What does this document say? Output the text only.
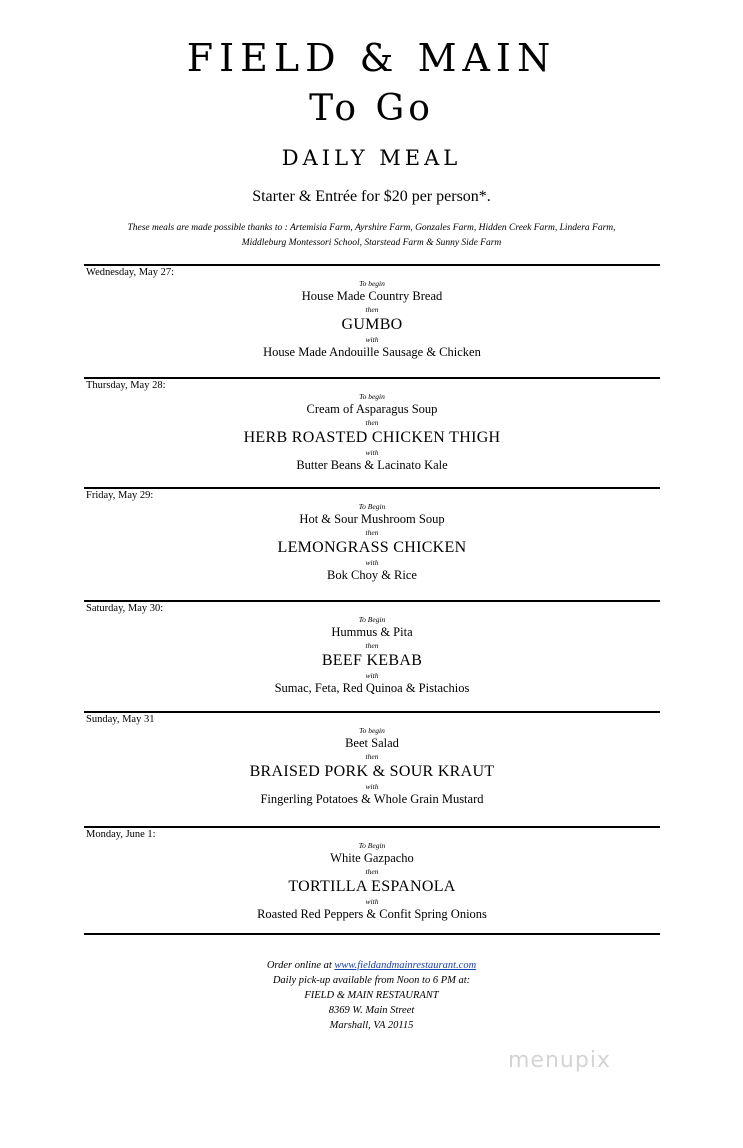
FIELD & MAIN
To Go
DAILY MEAL
Starter & Entrée for $20 per person*.
These meals are made possible thanks to : Artemisia Farm, Ayrshire Farm, Gonzales Farm, Hidden Creek Farm, Lindera Farm,
Middleburg Montessori School, Starstead Farm & Sunny Side Farm
Wednesday, May 27:
To begin
House Made Country Bread
then
GUMBO
with
House Made Andouille Sausage & Chicken
Thursday, May 28:
To begin
Cream of Asparagus Soup
then
HERB ROASTED CHICKEN THIGH
with
Butter Beans & Lacinato Kale
Friday, May 29:
To Begin
Hot & Sour Mushroom Soup
then
LEMONGRASS CHICKEN
with
Bok Choy & Rice
Saturday, May 30:
To Begin
Hummus & Pita
then
BEEF KEBAB
with
Sumac, Feta, Red Quinoa & Pistachios
Sunday, May 31
To begin
Beet Salad
then
BRAISED PORK & SOUR KRAUT
with
Fingerling Potatoes & Whole Grain Mustard
Monday, June 1:
To Begin
White Gazpacho
then
TORTILLA ESPANOLA
with
Roasted Red Peppers & Confit Spring Onions
Order online at www.fieldandmainrestaurant.com
Daily pick-up available from Noon to 6 PM at:
FIELD & MAIN RESTAURANT
8369 W. Main Street
Marshall, VA 20115
menupix
